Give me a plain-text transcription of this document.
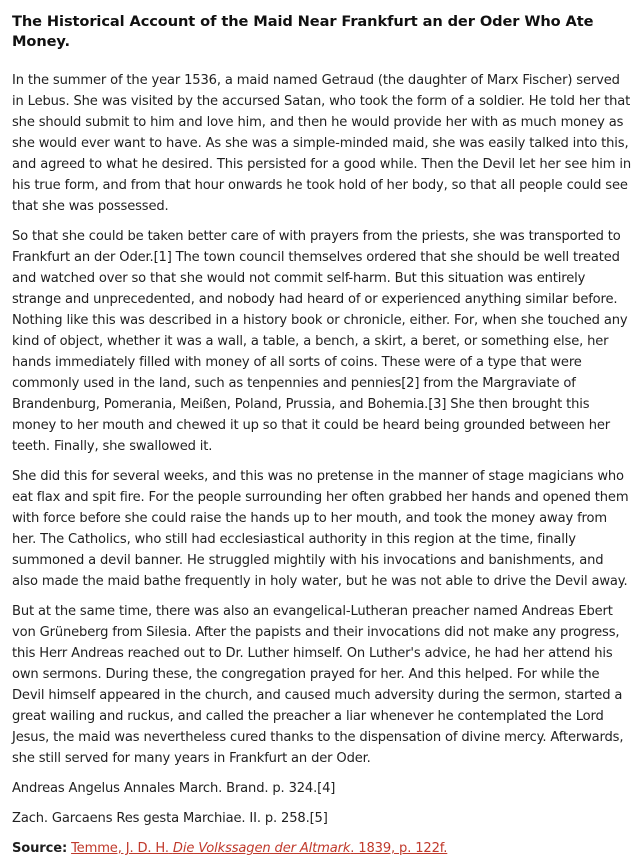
The Historical Account of the Maid Near Frankfurt an der Oder Who Ate Money.

In the summer of the year 1536, a maid named Getraud (the daughter of Marx Fischer) served in Lebus. She was visited by the accursed Satan, who took the form of a soldier. He told her that she should submit to him and love him, and then he would provide her with as much money as she would ever want to have. As she was a simple-minded maid, she was easily talked into this, and agreed to what he desired. This persisted for a good while. Then the Devil let her see him in his true form, and from that hour onwards he took hold of her body, so that all people could see that she was possessed.

So that she could be taken better care of with prayers from the priests, she was transported to Frankfurt an der Oder.[1] The town council themselves ordered that she should be well treated and watched over so that she would not commit self-harm. But this situation was entirely strange and unprecedented, and nobody had heard of or experienced anything similar before. Nothing like this was described in a history book or chronicle, either. For, when she touched any kind of object, whether it was a wall, a table, a bench, a skirt, a beret, or something else, her hands immediately filled with money of all sorts of coins. These were of a type that were commonly used in the land, such as tenpennies and pennies[2] from the Margraviate of Brandenburg, Pomerania, Meißen, Poland, Prussia, and Bohemia.[3] She then brought this money to her mouth and chewed it up so that it could be heard being grounded between her teeth. Finally, she swallowed it.

She did this for several weeks, and this was no pretense in the manner of stage magicians who eat flax and spit fire. For the people surrounding her often grabbed her hands and opened them with force before she could raise the hands up to her mouth, and took the money away from her. The Catholics, who still had ecclesiastical authority in this region at the time, finally summoned a devil banner. He struggled mightily with his invocations and banishments, and also made the maid bathe frequently in holy water, but he was not able to drive the Devil away.

But at the same time, there was also an evangelical-Lutheran preacher named Andreas Ebert von Grüneberg from Silesia. After the papists and their invocations did not make any progress, this Herr Andreas reached out to Dr. Luther himself. On Luther's advice, he had her attend his own sermons. During these, the congregation prayed for her. And this helped. For while the Devil himself appeared in the church, and caused much adversity during the sermon, started a great wailing and ruckus, and called the preacher a liar whenever he contemplated the Lord Jesus, the maid was nevertheless cured thanks to the dispensation of divine mercy. Afterwards, she still served for many years in Frankfurt an der Oder.

Andreas Angelus Annales March. Brand. p. 324.[4]

Zach. Garcaens Res gesta Marchiae. II. p. 258.[5]

Source: Temme, J. D. H. Die Volkssagen der Altmark. 1839, p. 122f.
